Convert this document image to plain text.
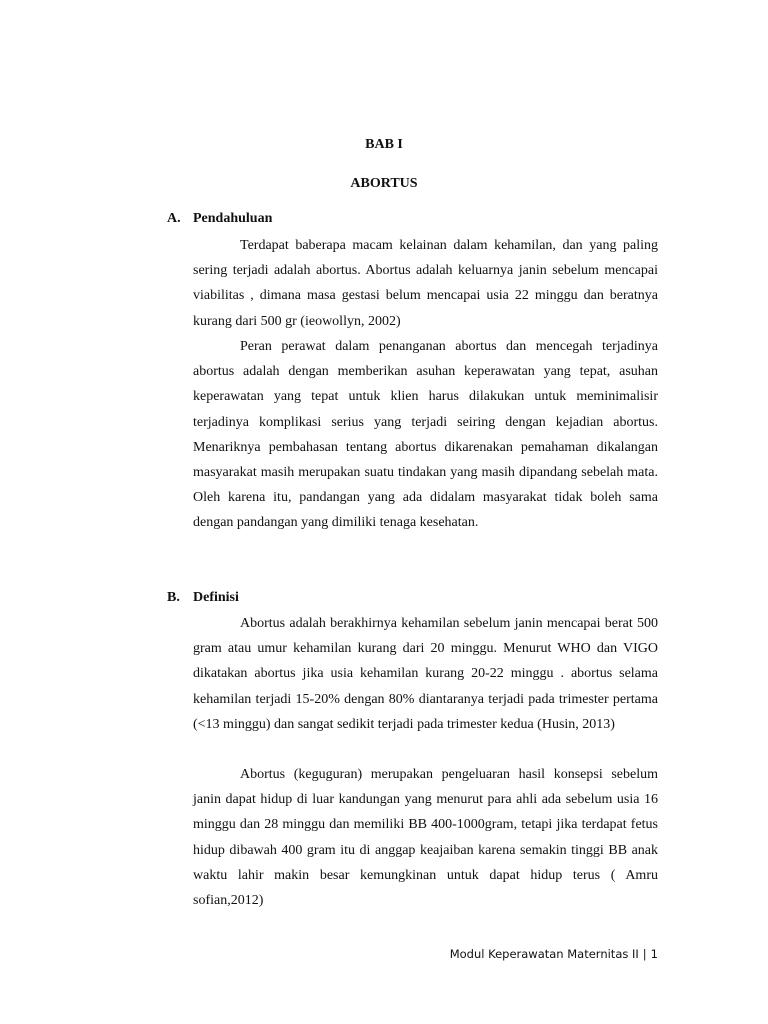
BAB I
ABORTUS
A. Pendahuluan

Terdapat baberapa macam kelainan dalam kehamilan, dan yang paling sering terjadi adalah abortus. Abortus adalah keluarnya janin sebelum mencapai viabilitas , dimana masa gestasi belum mencapai usia 22 minggu dan beratnya kurang dari 500 gr (ieowollyn, 2002)

Peran perawat dalam penanganan abortus dan mencegah terjadinya abortus adalah dengan memberikan asuhan keperawatan yang tepat, asuhan keperawatan yang tepat untuk klien harus dilakukan untuk meminimalisir terjadinya komplikasi serius yang terjadi seiring dengan kejadian abortus. Menariknya pembahasan tentang abortus dikarenakan pemahaman dikalangan masyarakat masih merupakan suatu tindakan yang masih dipandang sebelah mata. Oleh karena itu, pandangan yang ada didalam masyarakat tidak boleh sama dengan pandangan yang dimiliki tenaga kesehatan.

B. Definisi

Abortus adalah berakhirnya kehamilan sebelum janin mencapai berat 500 gram atau umur kehamilan kurang dari 20 minggu. Menurut WHO dan VIGO dikatakan abortus jika usia kehamilan kurang 20-22 minggu . abortus selama kehamilan terjadi 15-20% dengan 80% diantaranya terjadi pada trimester pertama (<13 minggu) dan sangat sedikit terjadi pada trimester kedua (Husin, 2013)

Abortus (keguguran) merupakan pengeluaran hasil konsepsi sebelum janin dapat hidup di luar kandungan yang menurut para ahli ada sebelum usia 16 minggu dan 28 minggu dan memiliki BB 400-1000gram, tetapi jika terdapat fetus hidup dibawah 400 gram itu di anggap keajaiban karena semakin tinggi BB anak waktu lahir makin besar kemungkinan untuk dapat hidup terus ( Amru sofian,2012)

Modul Keperawatan Maternitas II | 1
